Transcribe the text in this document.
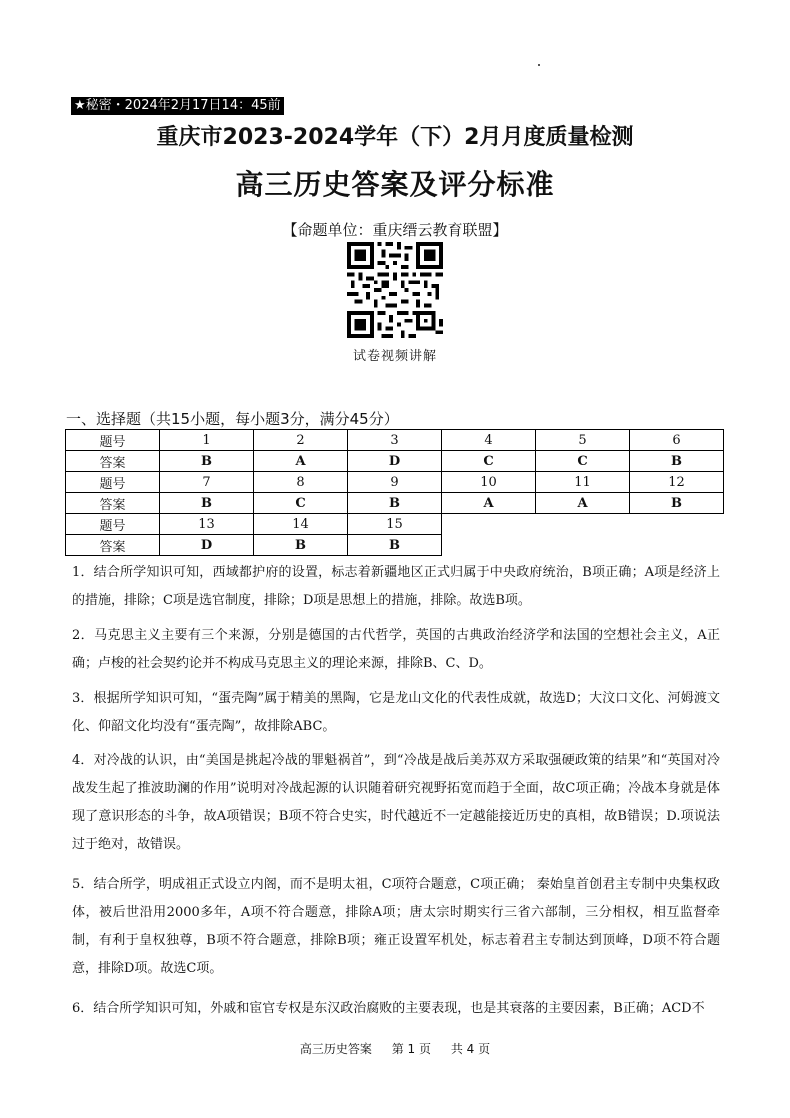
★秘密・2024年2月17日14：45前
重庆市2023-2024学年（下）2月月度质量检测
高三历史答案及评分标准
【命题单位：重庆缙云教育联盟】
试卷视频讲解
一、选择题（共15小题，每小题3分，满分45分）
题号	1	2	3	4	5	6
答案	B	A	D	C	C	B
题号	7	8	9	10	11	12
答案	B	C	B	A	A	B
题号	13	14	15			
答案	D	B	B			
1．结合所学知识可知，西域都护府的设置，标志着新疆地区正式归属于中央政府统治，B项正确；A项是经济上的措施，排除；C项是选官制度，排除；D项是思想上的措施，排除。故选B项。
2．马克思主义主要有三个来源，分别是德国的古代哲学，英国的古典政治经济学和法国的空想社会主义，A正确；卢梭的社会契约论并不构成马克思主义的理论来源，排除B、C、D。
3．根据所学知识可知，“蛋壳陶”属于精美的黑陶，它是龙山文化的代表性成就，故选D；大汶口文化、河姆渡文化、仰韶文化均没有“蛋壳陶”，故排除ABC。
4．对冷战的认识，由“美国是挑起冷战的罪魁祸首”，到“冷战是战后美苏双方采取强硬政策的结果”和“英国对冷战发生起了推波助澜的作用”说明对冷战起源的认识随着研究视野拓宽而趋于全面，故C项正确；冷战本身就是体现了意识形态的斗争，故A项错误；B项不符合史实，时代越近不一定越能接近历史的真相，故B错误；D.项说法过于绝对，故错误。
5．结合所学，明成祖正式设立内阁，而不是明太祖，C项符合题意，C项正确； 秦始皇首创君主专制中央集权政体，被后世沿用2000多年，A项不符合题意，排除A项；唐太宗时期实行三省六部制，三分相权，相互监督牵制，有利于皇权独尊，B项不符合题意，排除B项；雍正设置军机处，标志着君主专制达到顶峰，D项不符合题意，排除D项。故选C项。
6．结合所学知识可知，外戚和宦官专权是东汉政治腐败的主要表现，也是其衰落的主要因素，B正确；ACD不
高三历史答案 第 1 页 共 4 页
